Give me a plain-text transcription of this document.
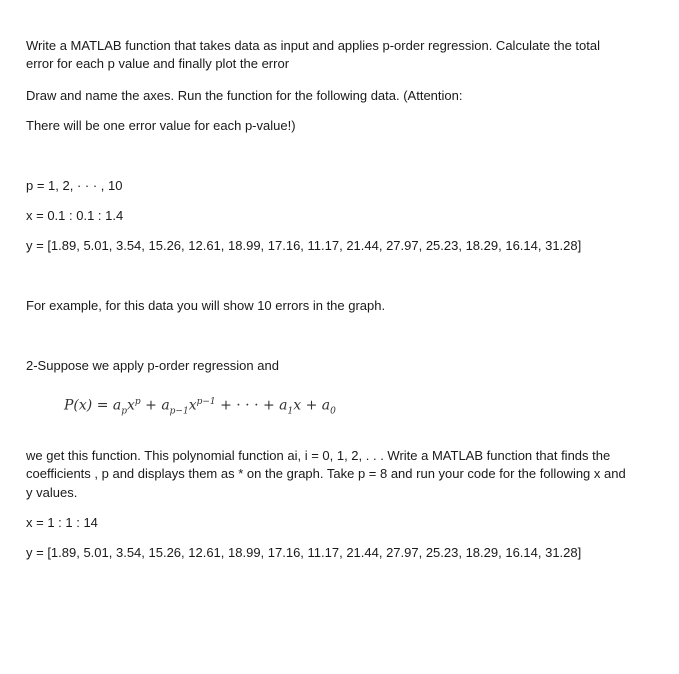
Write a MATLAB function that takes data as input and applies p-order regression. Calculate the total
error for each p value and finally plot the error
Draw and name the axes. Run the function for the following data. (Attention:
There will be one error value for each p-value!)
p = 1, 2, · · · , 10
x = 0.1 : 0.1 : 1.4
y = [1.89, 5.01, 3.54, 15.26, 12.61, 18.99, 17.16, 11.17, 21.44, 27.97, 25.23, 18.29, 16.14, 31.28]
For example, for this data you will show 10 errors in the graph.
2-Suppose we apply p-order regression and
$P(x) = a_px^p + a_{p-1}x^{p-1}$ + · · · + $a_1x + a_0$
we get this function. This polynomial function ai, i = 0, 1, 2, . . . Write a MATLAB function that finds the
coefficients , p and displays them as * on the graph. Take p = 8 and run your code for the following x and
y values.
x = 1 : 1 : 14
y = [1.89, 5.01, 3.54, 15.26, 12.61, 18.99, 17.16, 11.17, 21.44, 27.97, 25.23, 18.29, 16.14, 31.28]
